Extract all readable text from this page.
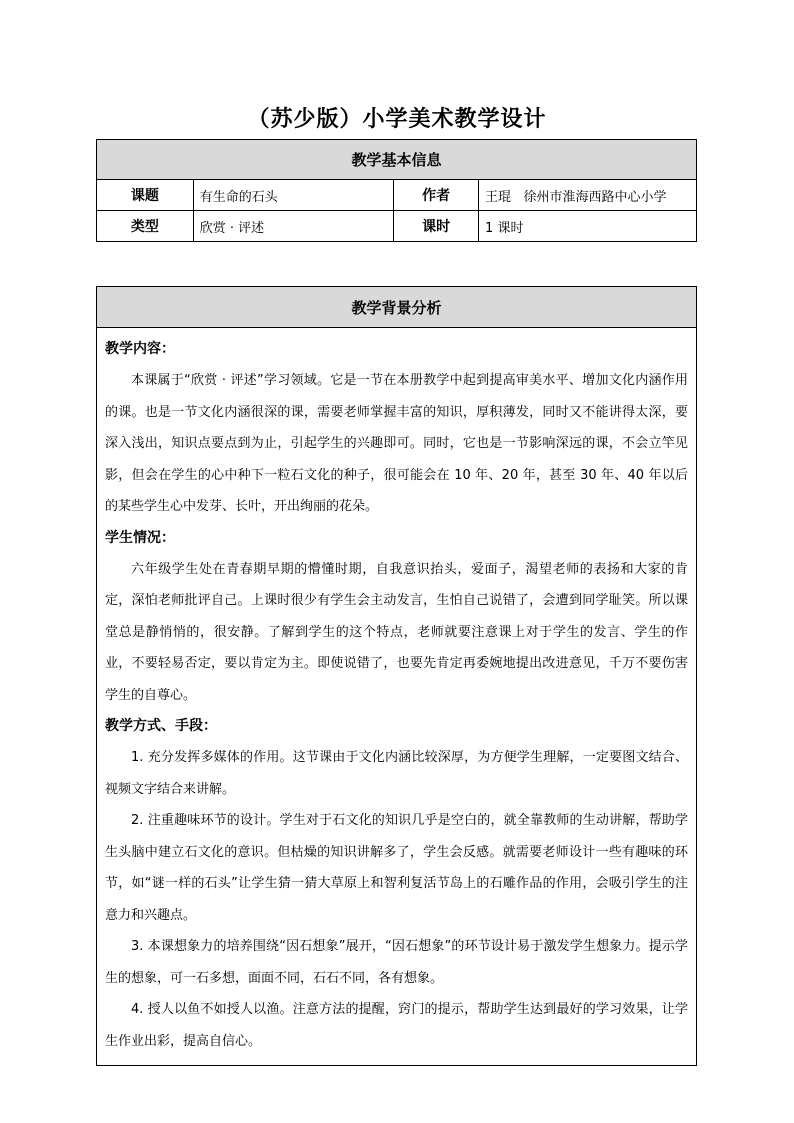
（苏少版）小学美术教学设计
教学基本信息			
课题	有生命的石头	作者	王琨   徐州市淮海西路中心小学
类型	欣赏 · 评述	课时	1 课时
教学背景分析

教学内容：

本课属于“欣赏 · 评述”学习领域。它是一节在本册教学中起到提高审美水平、增加文化内涵作用的课。也是一节文化内涵很深的课，需要老师掌握丰富的知识，厚积薄发，同时又不能讲得太深，要深入浅出，知识点要点到为止，引起学生的兴趣即可。同时，它也是一节影响深远的课，不会立竿见影，但会在学生的心中种下一粒石文化的种子，很可能会在 10 年、20 年，甚至 30 年、40 年以后的某些学生心中发芽、长叶，开出绚丽的花朵。

学生情况：

六年级学生处在青春期早期的懵懂时期，自我意识抬头，爱面子，渴望老师的表扬和大家的肯定，深怕老师批评自己。上课时很少有学生会主动发言，生怕自己说错了，会遭到同学耻笑。所以课堂总是静悄悄的，很安静。了解到学生的这个特点，老师就要注意课上对于学生的发言、学生的作业，不要轻易否定，要以肯定为主。即使说错了，也要先肯定再委婉地提出改进意见，千万不要伤害学生的自尊心。

教学方式、手段：

1. 充分发挥多媒体的作用。这节课由于文化内涵比较深厚，为方便学生理解，一定要图文结合、视频文字结合来讲解。

2. 注重趣味环节的设计。学生对于石文化的知识几乎是空白的，就全靠教师的生动讲解，帮助学生头脑中建立石文化的意识。但枯燥的知识讲解多了，学生会反感。就需要老师设计一些有趣味的环节，如“谜一样的石头”让学生猜一猜大草原上和智利复活节岛上的石雕作品的作用，会吸引学生的注意力和兴趣点。

3. 本课想象力的培养围绕“因石想象”展开，“因石想象”的环节设计易于激发学生想象力。提示学生的想象，可一石多想，面面不同，石石不同，各有想象。

4. 授人以鱼不如授人以渔。注意方法的提醒，窍门的提示，帮助学生达到最好的学习效果，让学生作业出彩，提高自信心。
